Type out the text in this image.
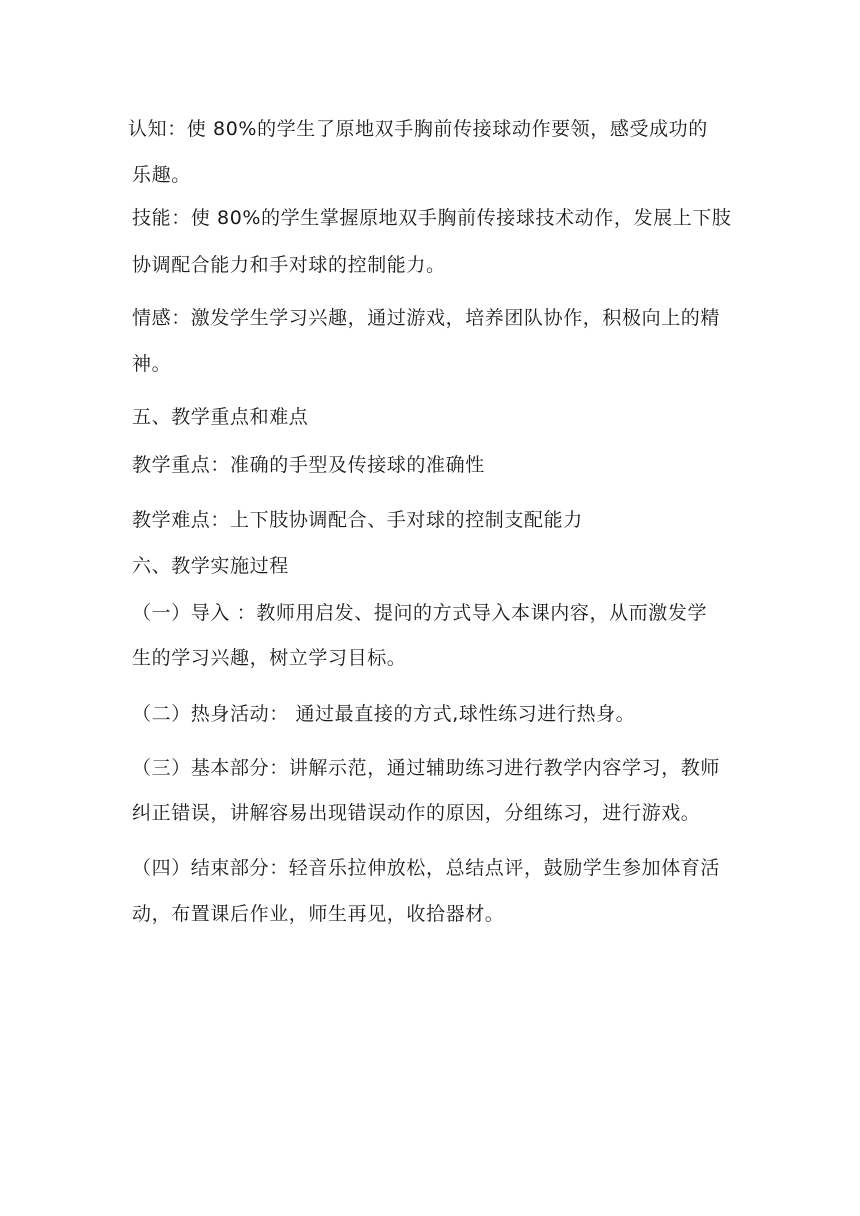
认知：使 80%的学生了原地双手胸前传接球动作要领，感受成功的
乐趣。
技能：使 80%的学生掌握原地双手胸前传接球技术动作，发展上下肢
协调配合能力和手对球的控制能力。
情感：激发学生学习兴趣，通过游戏，培养团队协作，积极向上的精
神。
五、教学重点和难点
教学重点：准确的手型及传接球的准确性
教学难点：上下肢协调配合、手对球的控制支配能力
六、教学实施过程
（一）导入 ：教师用启发、提问的方式导入本课内容，从而激发学
生的学习兴趣，树立学习目标。
（二）热身活动： 通过最直接的方式,球性练习进行热身。
（三）基本部分：讲解示范，通过辅助练习进行教学内容学习，教师
纠正错误，讲解容易出现错误动作的原因，分组练习，进行游戏。
（四）结束部分：轻音乐拉伸放松，总结点评，鼓励学生参加体育活
动，布置课后作业，师生再见，收拾器材。
